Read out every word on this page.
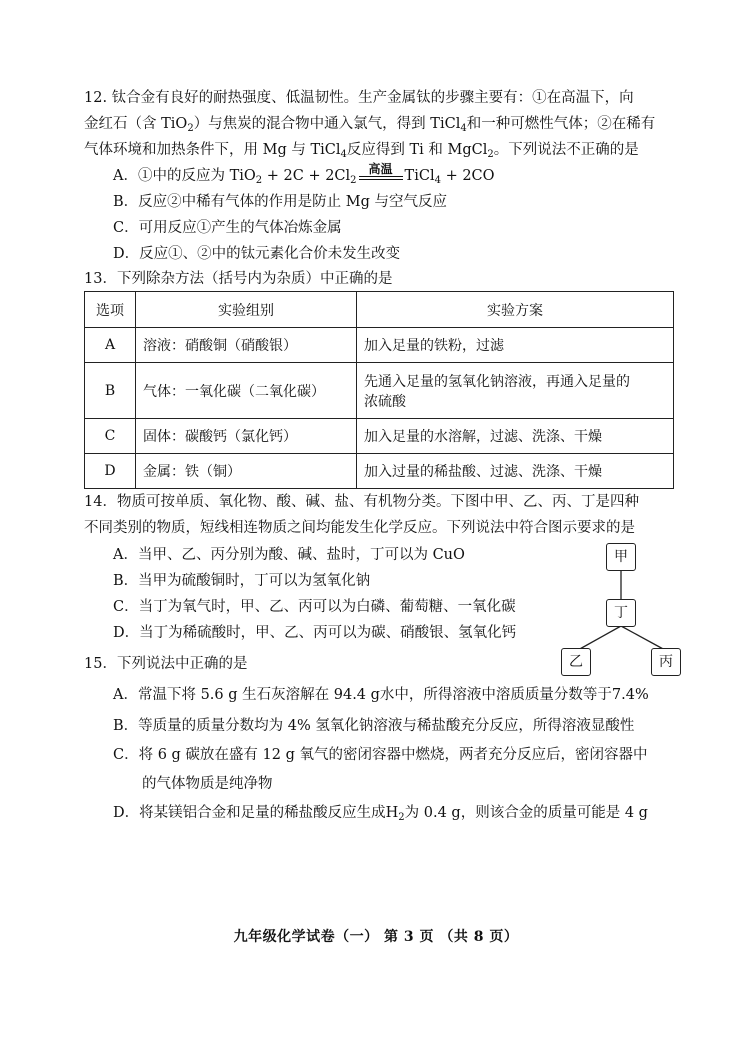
12. 钛合金有良好的耐热强度、低温韧性。生产金属钛的步骤主要有：①在高温下，向
金红石（含 TiO$_2$）与焦炭的混合物中通入氯气，得到 TiCl$_4$和一种可燃性气体；②在稀有
气体环境和加热条件下，用 Mg 与 TiCl$_4$反应得到 Ti 和 MgCl$_2$。下列说法不正确的是
A．①中的反应为 $TiO_2 + 2C + 2Cl_2$
高温 TiCl$_4$ + 2CO
B．反应②中稀有气体的作用是防止 Mg 与空气反应
C．可用反应①产生的气体冶炼金属
D．反应①、②中的钛元素化合价未发生改变
13．下列除杂方法（括号内为杂质）中正确的是
选项	实验组别	实验方案
A	溶液：硝酸铜（硝酸银）	加入足量的铁粉，过滤
B	气体：一氧化碳（二氧化碳）	先通入足量的氢氧化钠溶液，再通入足量的
浓硫酸

C	固体：碳酸钙（氯化钙）	加入足量的水溶解，过滤、洗涤、干燥
D	金属：铁（铜）	加入过量的稀盐酸、过滤、洗涤、干燥
14．物质可按单质、氧化物、酸、碱、盐、有机物分类。下图中甲、乙、丙、丁是四种
不同类别的物质，短线相连物质之间均能发生化学反应。下列说法中符合图示要求的是
A．当甲、乙、丙分别为酸、碱、盐时，丁可以为 CuO
B．当甲为硫酸铜时，丁可以为氢氧化钠
C．当丁为氧气时，甲、乙、丙可以为白磷、葡萄糖、一氧化碳
D．当丁为稀硫酸时，甲、乙、丙可以为碳、硝酸银、氢氧化钙
甲
丁
乙	丙
15．下列说法中正确的是
A．常温下将 5.6 g 生石灰溶解在 94.4 g水中，所得溶液中溶质质量分数等于7.4%
B．等质量的质量分数均为 4% 氢氧化钠溶液与稀盐酸充分反应，所得溶液显酸性
C．将 6 g 碳放在盛有 12 g 氧气的密闭容器中燃烧，两者充分反应后，密闭容器中
的气体物质是纯净物
D．将某镁铝合金和足量的稀盐酸反应生成$H_2$为 0.4 g，则该合金的质量可能是 4 g
九年级化学试卷（一） 第 3 页 （共 8 页）
